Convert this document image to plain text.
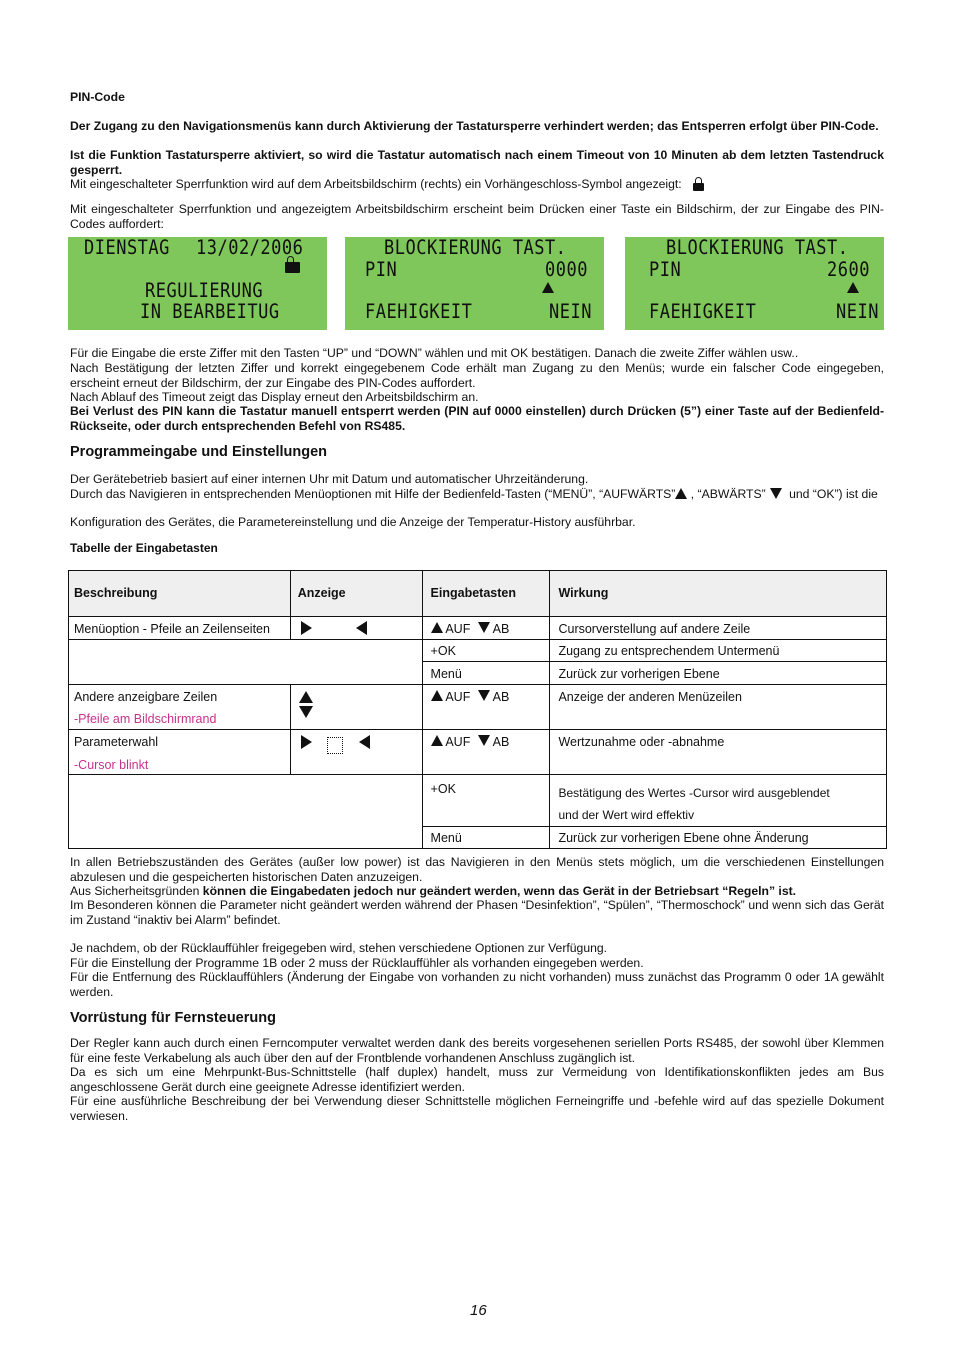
PIN-Code
Der Zugang zu den Navigationsmenüs kann durch Aktivierung der Tastatursperre verhindert werden; das Entsperren erfolgt über PIN-Code.
Ist die Funktion Tastatursperre aktiviert, so wird die Tastatur automatisch nach einem Timeout von 10 Minuten ab dem letzten Tastendruck gesperrt.
Mit eingeschalteter Sperrfunktion wird auf dem Arbeitsbildschirm (rechts) ein Vorhängeschloss-Symbol angezeigt:
Mit eingeschalteter Sperrfunktion und angezeigtem Arbeitsbildschirm erscheint beim Drücken einer Taste ein Bildschirm, der zur Eingabe des PIN-Codes auffordert:
DIENSTAG 13/02/2006
REGULIERUNG
IN BEARBEITUG
BLOCKIERUNG TAST.
PIN	0000
FAEHIGKEIT	NEIN
BLOCKIERUNG TAST.
PIN	2600
FAEHIGKEIT	NEIN
Für die Eingabe die erste Ziffer mit den Tasten “UP” und “DOWN” wählen und mit OK bestätigen. Danach die zweite Ziffer wählen usw..
Nach Bestätigung der letzten Ziffer und korrekt eingegebenem Code erhält man Zugang zu den Menüs; wurde ein falscher Code eingegeben, erscheint erneut der Bildschirm, der zur Eingabe des PIN-Codes auffordert.
Nach Ablauf des Timeout zeigt das Display erneut den Arbeitsbildschirm an.
Bei Verlust des PIN kann die Tastatur manuell entsperrt werden (PIN auf 0000 einstellen) durch Drücken (5”) einer Taste auf der Bedienfeld-Rückseite, oder durch entsprechenden Befehl von RS485.
Programmeingabe und Einstellungen
Der Gerätebetrieb basiert auf einer internen Uhr mit Datum und automatischer Uhrzeitänderung.
Durch das Navigieren in entsprechenden Menüoptionen mit Hilfe der Bedienfeld-Tasten (“MENÜ”, “AUFWÄRTS” , “ABWÄRTS” und “OK”) ist die
Konfiguration des Gerätes, die Parametereinstellung und die Anzeige der Temperatur-History ausführbar.
Tabelle der Eingabetasten
Beschreibung	Anzeige	Eingabetasten	Wirkung
Menüoption - Pfeile an Zeilenseiten		AUF AB	Cursorverstellung auf andere Zeile
		+OK	Zugang zu entsprechendem Untermenü
		Menü	Zurück zur vorherigen Ebene

Andere anzeigbare Zeilen
-Pfeile am Bildschirmrand		AUF AB	Anzeige der anderen Menüzeilen

Parameterwahl
-Cursor blinkt		AUF AB	Wertzunahme oder -abnahme
		+OK	Bestätigung des Wertes -Cursor wird ausgeblendet
und der Wert wird effektiv

		Menü	Zurück zur vorherigen Ebene ohne Änderung
In allen Betriebszuständen des Gerätes (außer low power) ist das Navigieren in den Menüs stets möglich, um die verschiedenen Einstellungen abzulesen und die gespeicherten historischen Daten anzuzeigen.
Aus Sicherheitsgründen können die Eingabedaten jedoch nur geändert werden, wenn das Gerät in der Betriebsart “Regeln” ist.
Im Besonderen können die Parameter nicht geändert werden während der Phasen “Desinfektion”, “Spülen”, “Thermoschock” und wenn sich das Gerät im Zustand “inaktiv bei Alarm” befindet.
Je nachdem, ob der Rücklauffühler freigegeben wird, stehen verschiedene Optionen zur Verfügung.
Für die Einstellung der Programme 1B oder 2 muss der Rücklauffühler als vorhanden eingegeben werden.
Für die Entfernung des Rücklauffühlers (Änderung der Eingabe von vorhanden zu nicht vorhanden) muss zunächst das Programm 0 oder 1A gewählt werden.
Vorrüstung für Fernsteuerung
Der Regler kann auch durch einen Ferncomputer verwaltet werden dank des bereits vorgesehenen seriellen Ports RS485, der sowohl über Klemmen für eine feste Verkabelung als auch über den auf der Frontblende vorhandenen Anschluss zugänglich ist.
Da es sich um eine Mehrpunkt-Bus-Schnittstelle (half duplex) handelt, muss zur Vermeidung von Identifikationskonflikten jedes am Bus angeschlossene Gerät durch eine geeignete Adresse identifiziert werden.
Für eine ausführliche Beschreibung der bei Verwendung dieser Schnittstelle möglichen Ferneingriffe und -befehle wird auf das spezielle Dokument verwiesen.
16
